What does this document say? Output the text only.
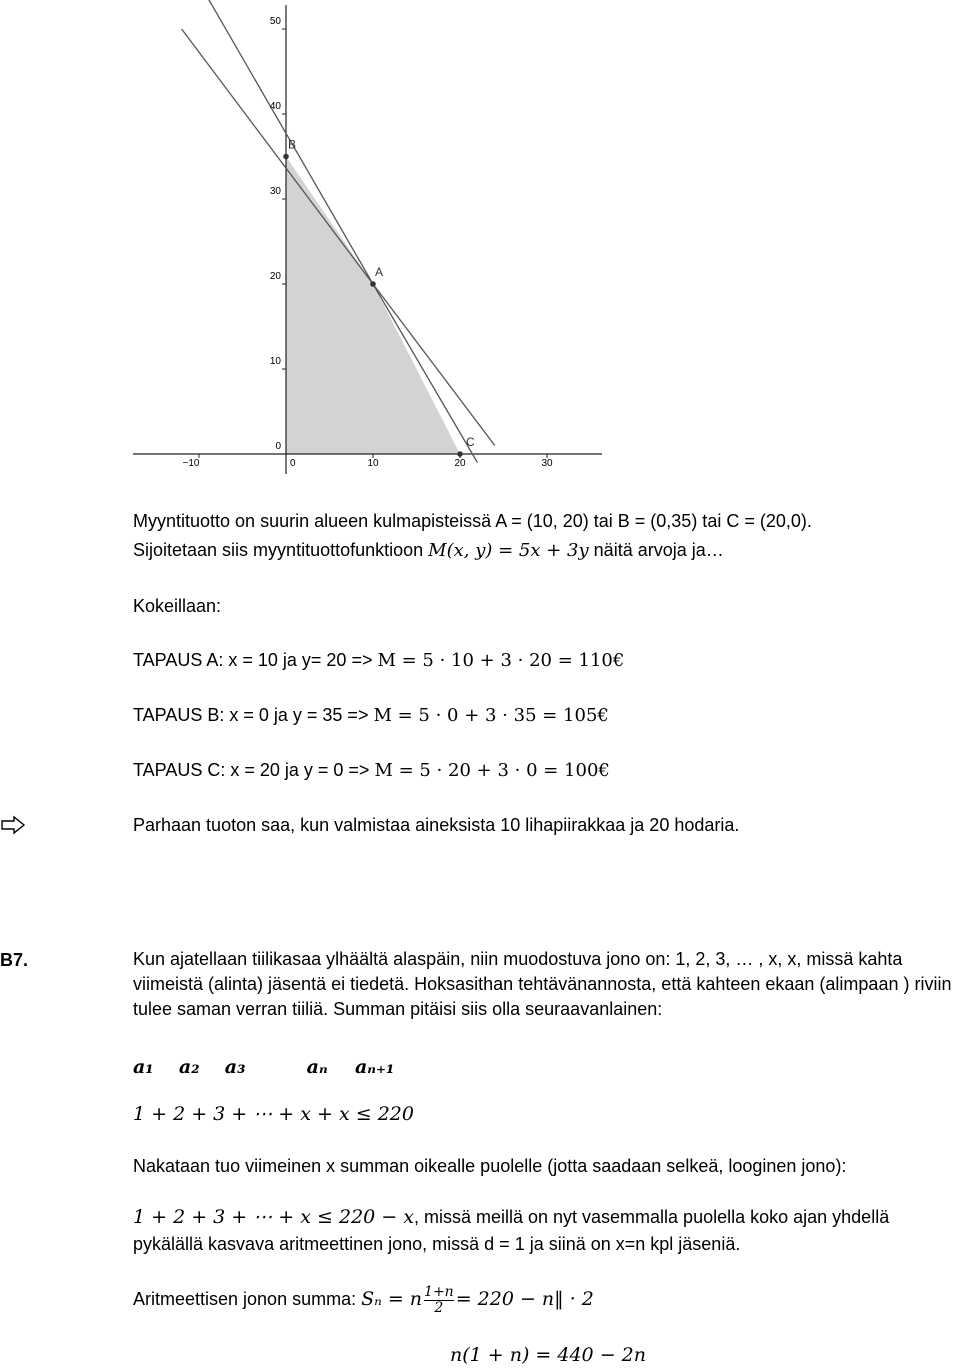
−10	0	10	20	30
50
40
30
20
10
0
B
A
C
Myyntituotto on suurin alueen kulmapisteissä A = (10, 20) tai B = (0,35) tai C = (20,0).
Sijoitetaan siis myyntituottofunktioon M(x, y) = 5x + 3y näitä arvoja ja…
Kokeillaan:
TAPAUS A: x = 10 ja y= 20 => M = 5 · 10 + 3 · 20 = 110€
TAPAUS B: x = 0 ja y = 35 => M = 5 · 0 + 3 · 35 = 105€
TAPAUS C: x = 20 ja y = 0 => M = 5 · 20 + 3 · 0 = 100€
Parhaan tuoton saa, kun valmistaa aineksista 10 lihapiirakkaa ja 20 hodaria.
B7.	Kun ajatellaan tiilikasaa ylhäältä alaspäin, niin muodostuva jono on: 1, 2, 3, … , x, x, missä kahta viimeistä (alinta) jäsentä ei tiedetä. Hoksasithan tehtävänannosta, että kahteen ekaan (alimpaan ) riviin tulee saman verran tiiliä. Summan pitäisi siis olla seuraavanlainen:
a₁ a₂ a₃	aₙ aₙ₊₁
1 + 2 + 3 + ⋯ + x + x ≤ 220
Nakataan tuo viimeinen x summan oikealle puolelle (jotta saadaan selkeä, looginen jono):
1 + 2 + 3 + ⋯ + x ≤ 220 − x, missä meillä on nyt vasemmalla puolella koko ajan yhdellä
pykälällä kasvava aritmeettinen jono, missä d = 1 ja siinä on x=n kpl jäseniä.
Aritmeettisen jonon summa: Sₙ = n $\frac{1+n}{2} = 220$ − n‖ · 2
n(1 + n) = 440 − 2n
